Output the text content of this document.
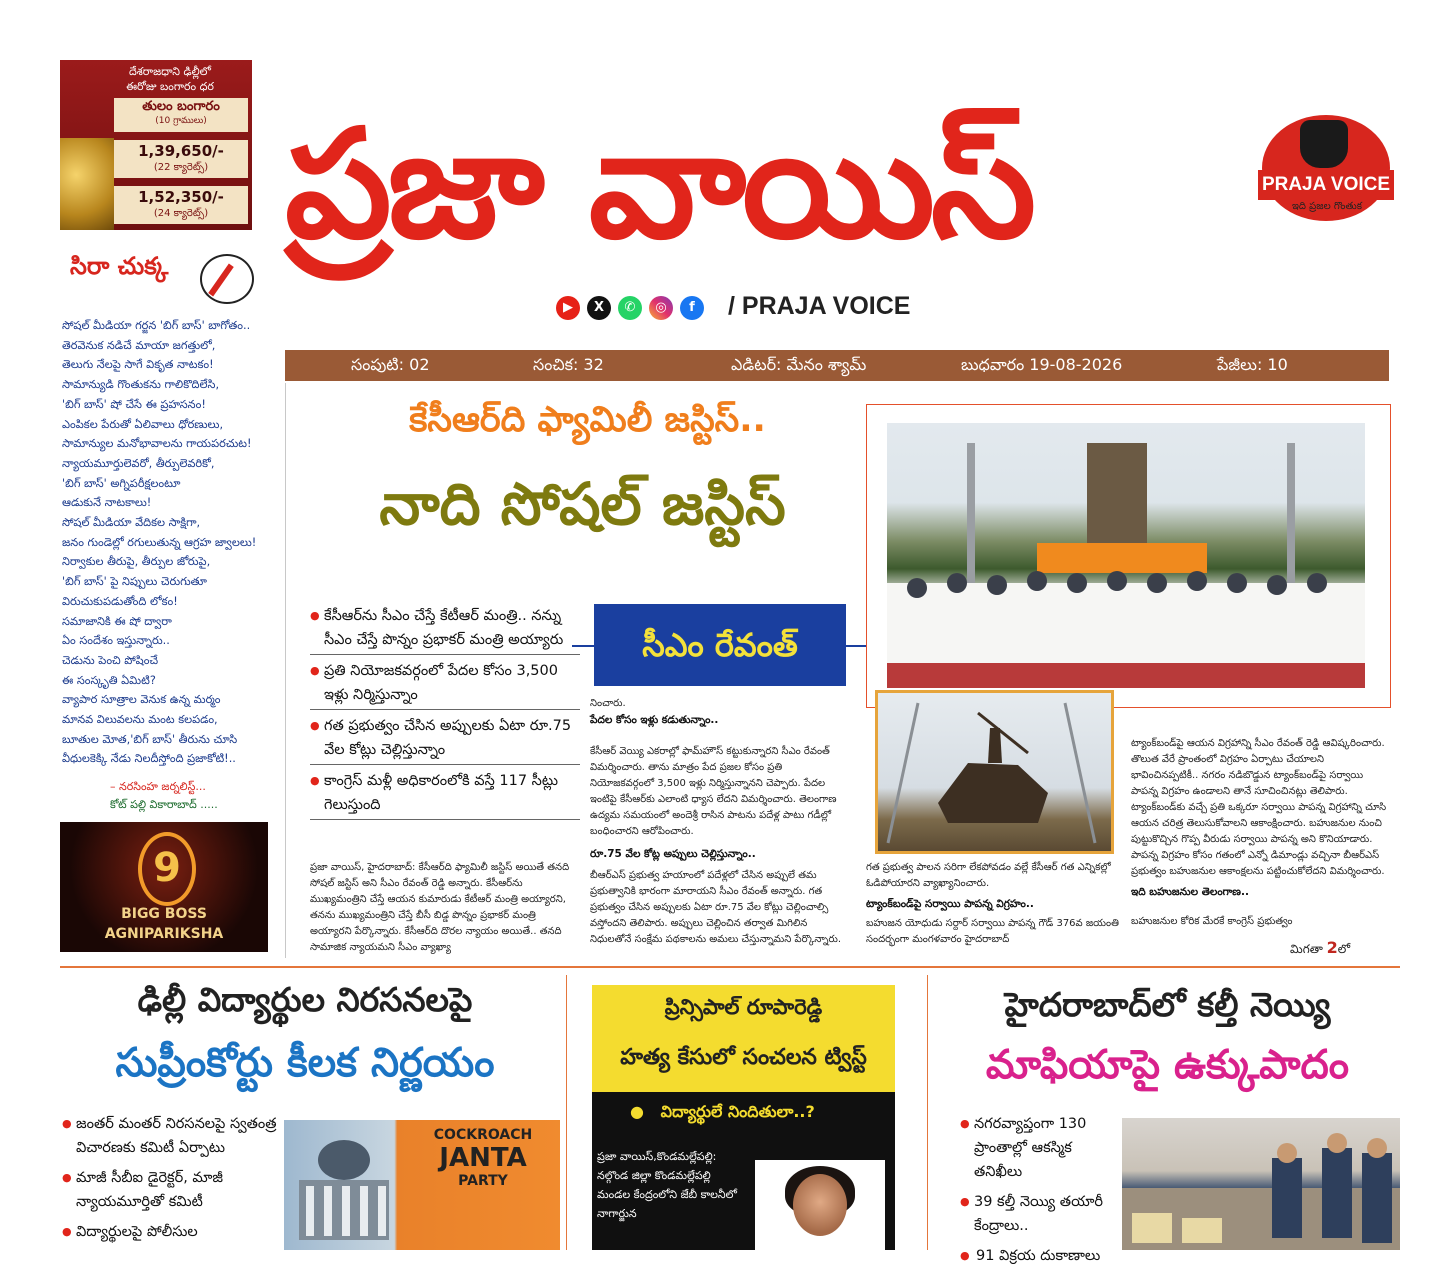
దేశరాజధాని ఢిల్లీలో
ఈరోజు బంగారం ధర
తులం బంగారం
(10 గ్రాములు)
1,39,650/-
(22 క్యారెట్స్)
1,52,350/-
(24 క్యారెట్స్)
సిరా చుక్క
సోషల్ మీడియా గర్జన 'బిగ్ బాస్' బాగోతం..
తెరవెనుక నడిచే మాయా జగత్తులో,
తెలుగు నేలపై సాగే వికృత నాటకం!
సామాన్యుడి గొంతుకను గాలికొదిలేసి,
'బిగ్ బాస్' షో చేసే ఈ ప్రహసనం!
ఎంపికల పేరుతో ఏలివాలు ధోరణులు,
సామాన్యుల మనోభావాలను గాయపరచుట!
న్యాయమూర్తులెవరో, తీర్పులెవరికో,
'బిగ్ బాస్' అగ్నిపరీక్షలంటూ
ఆడుకునే నాటకాలు!
సోషల్ మీడియా వేదికల సాక్షిగా,
జనం గుండెల్లో రగులుతున్న ఆగ్రహ జ్వాలలు!
నిర్వాకుల తీరుపై, తీర్పుల జోరుపై,
'బిగ్ బాస్' పై నిప్పులు చెరుగుతూ
విరుచుకుపడుతోంది లోకం!
సమాజానికి ఈ షో ద్వారా
ఏం సందేశం ఇస్తున్నారు..
చెడును పెంచి పోషించే
ఈ సంస్కృతి ఏమిటి?
వ్యాపార సూత్రాల వెనుక ఉన్న మర్మం
మానవ విలువలను మంట కలపడం,
బూతుల మోత,'బిగ్ బాస్' తీరును చూసి
వీధులకెక్కి నేడు నిలదీస్తోంది ప్రజాకోటి!..
– నరసింహ జర్నలిస్ట్...
కోట్ పల్లి వికారాబాద్ .....
9
BIGG BOSS
AGNIPARIKSHA
ప్రజా వాయిస్	PRAJA VOICE
ఇది ప్రజల గొంతుక
▶	X	✆	◎	f	/ PRAJA VOICE
సంపుటి: 02	సంచిక: 32	ఎడిటర్: మేనం శ్యామ్	బుధవారం 19-08-2026	పేజీలు: 10
కేసీఆర్‌ది ఫ్యామిలీ జస్టిస్..
నాది సోషల్ జస్టిస్
● కేసీఆర్‌ను సీఎం చేస్తే కేటీఆర్ మంత్రి.. నన్ను సీఎం చేస్తే పొన్నం ప్రభాకర్ మంత్రి అయ్యారు
● ప్రతి నియోజకవర్గంలో పేదల కోసం 3,500 ఇళ్లు నిర్మిస్తున్నాం
● గత ప్రభుత్వం చేసిన అప్పులకు ఏటా రూ.75 వేల కోట్లు చెల్లిస్తున్నాం
● కాంగ్రెస్ మళ్లీ అధికారంలోకి వస్తే 117 సీట్లు గెలుస్తుంది
సీఎం రేవంత్
ప్రజా వాయిస్, హైదరాబాద్: కేసీఆర్‌ది ఫ్యామిలీ జస్టిస్ అయితే తనది సోషల్ జస్టిస్ అని సీఎం రేవంత్ రెడ్డి అన్నారు. కేసీఆర్‌ను ముఖ్యమంత్రిని చేస్తే ఆయన కుమారుడు కేటీఆర్ మంత్రి అయ్యారని, తనను ముఖ్యమంత్రిని చేస్తే బీసీ బిడ్డ పొన్నం ప్రభాకర్ మంత్రి అయ్యారని పేర్కొన్నారు. కేసీఆర్‌ది దొరల న్యాయం అయితే.. తనది సామాజిక న్యాయమని సీఎం వ్యాఖ్యా
నించారు.
పేదల కోసం ఇళ్లు కడుతున్నాం..
కేసీఆర్ వెయ్యి ఎకరాల్లో ఫామ్‌హౌస్ కట్టుకున్నారని సీఎం రేవంత్ విమర్శించారు. తాను మాత్రం పేద ప్రజల కోసం ప్రతి నియోజకవర్గంలో 3,500 ఇళ్లు నిర్మిస్తున్నానని చెప్పారు. పేదల ఇంటిపై కేసీఆర్‌కు ఎలాంటి ధ్యాస లేదని విమర్శించారు. తెలంగాణ ఉద్యమ సమయంలో అందెశ్రీ రాసిన పాటను పదేళ్ల పాటు గడీల్లో బంధించారని ఆరోపించారు.
రూ.75 వేల కోట్ల అప్పులు చెల్లిస్తున్నాం..
బీఆర్ఎస్ ప్రభుత్వ హయాంలో పదేళ్లలో చేసిన అప్పులే తమ ప్రభుత్వానికి భారంగా మారాయని సీఎం రేవంత్ అన్నారు. గత ప్రభుత్వం చేసిన అప్పులకు ఏటా రూ.75 వేల కోట్లు చెల్లించాల్సి వస్తోందని తెలిపారు. అప్పులు చెల్లించిన తర్వాత మిగిలిన నిధులతోనే సంక్షేమ పథకాలను అమలు చేస్తున్నామని పేర్కొన్నారు.
గత ప్రభుత్వ పాలన సరిగా లేకపోవడం వల్లే కేసీఆర్ గత ఎన్నికల్లో ఓడిపోయారని వ్యాఖ్యానించారు.
ట్యాంక్‌బండ్‌పై సర్వాయి పాపన్న విగ్రహం..
బహుజన యోధుడు సర్దార్ సర్వాయి పాపన్న గౌడ్ 376వ జయంతి సందర్భంగా మంగళవారం హైదరాబాద్
ట్యాంక్‌బండ్‌పై ఆయన విగ్రహాన్ని సీఎం రేవంత్ రెడ్డి ఆవిష్కరించారు. తొలుత వేరే ప్రాంతంలో విగ్రహం ఏర్పాటు చేయాలని భావించినప్పటికీ.. నగరం నడిబొడ్డున ట్యాంక్‌బండ్‌పై సర్వాయి పాపన్న విగ్రహం ఉండాలని తానే సూచించినట్లు తెలిపారు. ట్యాంక్‌బండ్‌కు వచ్చే ప్రతి ఒక్కరూ సర్వాయి పాపన్న విగ్రహాన్ని చూసి ఆయన చరిత్ర తెలుసుకోవాలని ఆకాంక్షించారు. బహుజనుల నుంచి పుట్టుకొచ్చిన గొప్ప వీరుడు సర్వాయి పాపన్న అని కొనియాడారు. పాపన్న విగ్రహం కోసం గతంలో ఎన్నో డిమాండ్లు వచ్చినా బీఆర్ఎస్ ప్రభుత్వం బహుజనుల ఆకాంక్షలను పట్టించుకోలేదని విమర్శించారు.
ఇది బహుజనుల తెలంగాణ..
బహుజనుల కోరిక మేరకే కాంగ్రెస్ ప్రభుత్వం
మిగతా 2లో
ఢిల్లీ విద్యార్థుల నిరసనలపై
సుప్రీంకోర్టు కీలక నిర్ణయం
● జంతర్ మంతర్ నిరసనలపై స్వతంత్ర విచారణకు కమిటీ ఏర్పాటు
● మాజీ సీబీఐ డైరెక్టర్, మాజీ న్యాయమూర్తితో కమిటీ
● విద్యార్థులపై పోలీసుల
COCKROACH
JANTA
PARTY
ప్రిన్సిపాల్ రూపారెడ్డి
హత్య కేసులో సంచలన ట్విస్ట్
●   విద్యార్థులే నిందితులా..?
ప్రజా వాయిస్,కొండమల్లేపల్లి: నల్గొండ జిల్లా కొండమల్లేపల్లి మండల కేంద్రంలోని జేబీ కాలనీలో నాగార్జున
హైదరాబాద్‌లో కల్తీ నెయ్యి
మాఫియాపై ఉక్కుపాదం
● నగరవ్యాప్తంగా 130 ప్రాంతాల్లో ఆకస్మిక తనిఖీలు
● 39 కల్తీ నెయ్యి తయారీ కేంద్రాలు..
● 91 విక్రయ దుకాణాలు
